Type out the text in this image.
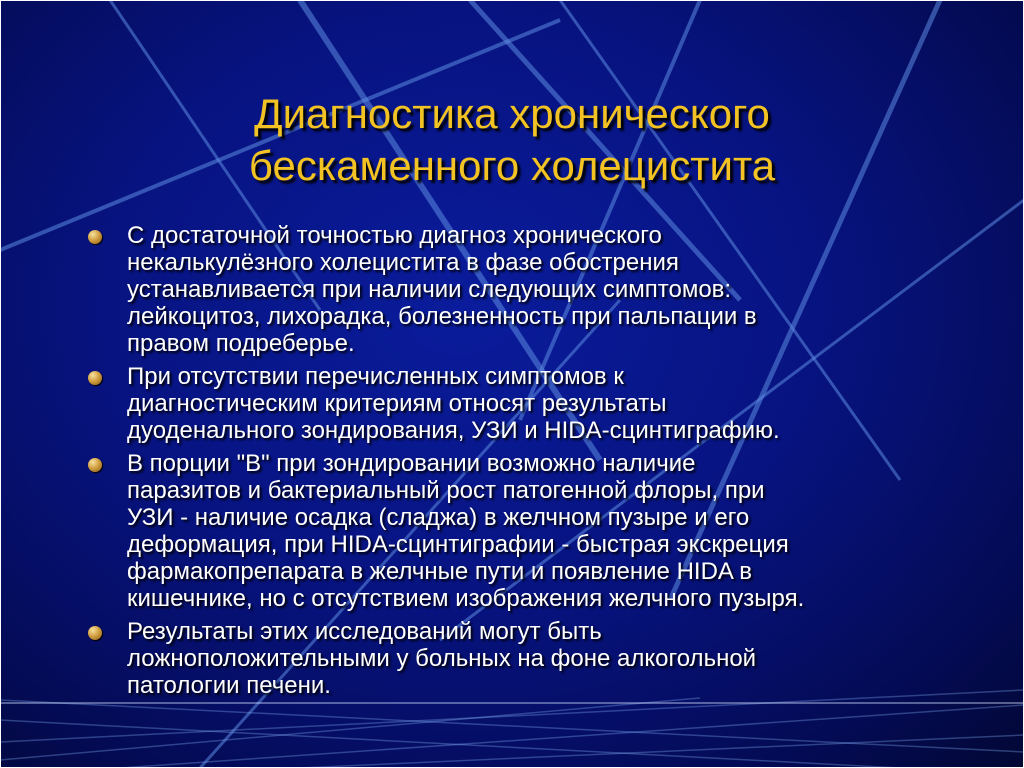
Диагностика хронического
бескаменного холецистита
С достаточной точностью диагноз хронического
некалькулёзного холецистита в фазе обострения
устанавливается при наличии следующих симптомов:
лейкоцитоз, лихорадка, болезненность при пальпации в
правом подреберье.
При отсутствии перечисленных симптомов к
диагностическим критериям относят результаты
дуоденального зондирования, УЗИ и HIDA-сцинтиграфию.
В порции "В" при зондировании возможно наличие
паразитов и бактериальный рост патогенной флоры, при
УЗИ - наличие осадка (сладжа) в желчном пузыре и его
деформация, при HIDA-сцинтиграфии - быстрая экскреция
фармакопрепарата в желчные пути и появление HIDA в
кишечнике, но с отсутствием изображения желчного пузыря.
Результаты этих исследований могут быть
ложноположительными у больных на фоне алкогольной
патологии печени.
